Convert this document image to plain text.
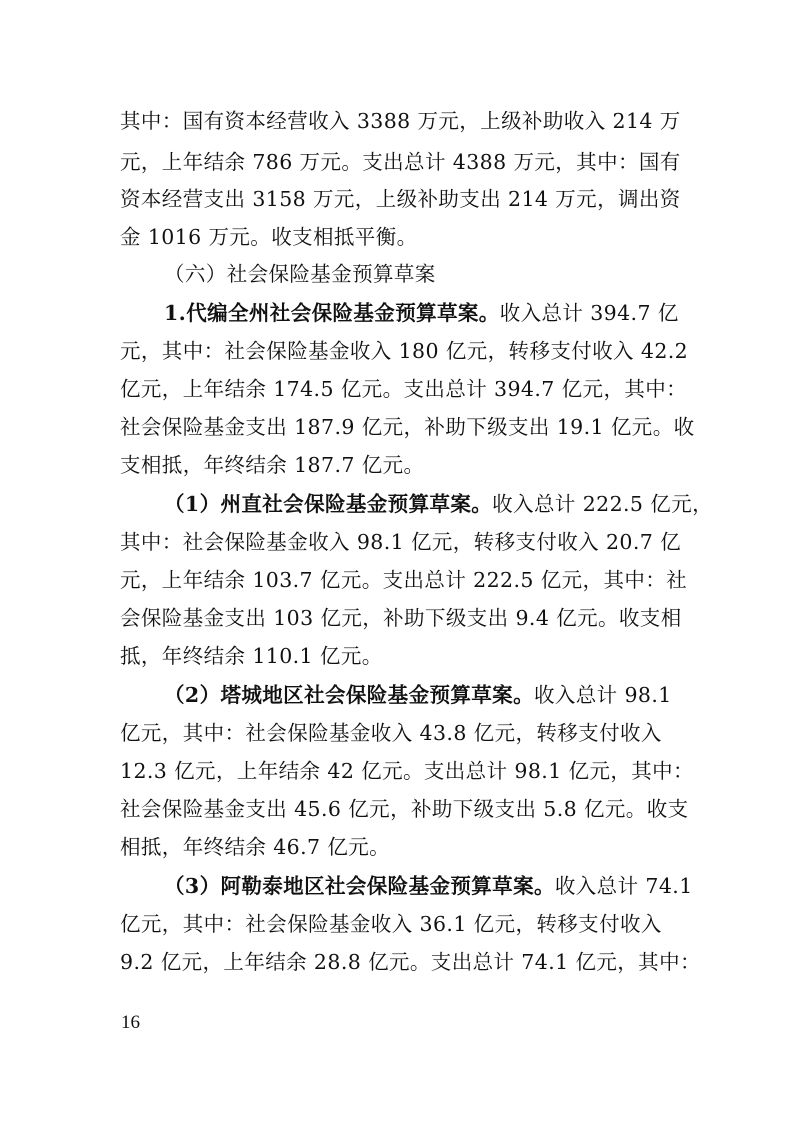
其中：国有资本经营收入 3388 万元，上级补助收入 214 万
元，上年结余 786 万元。支出总计 4388 万元，其中：国有
资本经营支出 3158 万元，上级补助支出 214 万元，调出资
金 1016 万元。收支相抵平衡。
（六）社会保险基金预算草案
1.代编全州社会保险基金预算草案。收入总计 394.7 亿
元，其中：社会保险基金收入 180 亿元，转移支付收入 42.2
亿元，上年结余 174.5 亿元。支出总计 394.7 亿元，其中：
社会保险基金支出 187.9 亿元，补助下级支出 19.1 亿元。收
支相抵，年终结余 187.7 亿元。
（1）州直社会保险基金预算草案。收入总计 222.5 亿元，
其中：社会保险基金收入 98.1 亿元，转移支付收入 20.7 亿
元，上年结余 103.7 亿元。支出总计 222.5 亿元，其中：社
会保险基金支出 103 亿元，补助下级支出 9.4 亿元。收支相
抵，年终结余 110.1 亿元。
（2）塔城地区社会保险基金预算草案。收入总计 98.1
亿元，其中：社会保险基金收入 43.8 亿元，转移支付收入
12.3 亿元，上年结余 42 亿元。支出总计 98.1 亿元，其中：
社会保险基金支出 45.6 亿元，补助下级支出 5.8 亿元。收支
相抵，年终结余 46.7 亿元。
（3）阿勒泰地区社会保险基金预算草案。收入总计 74.1
亿元，其中：社会保险基金收入 36.1 亿元，转移支付收入
9.2 亿元，上年结余 28.8 亿元。支出总计 74.1 亿元，其中：
16
